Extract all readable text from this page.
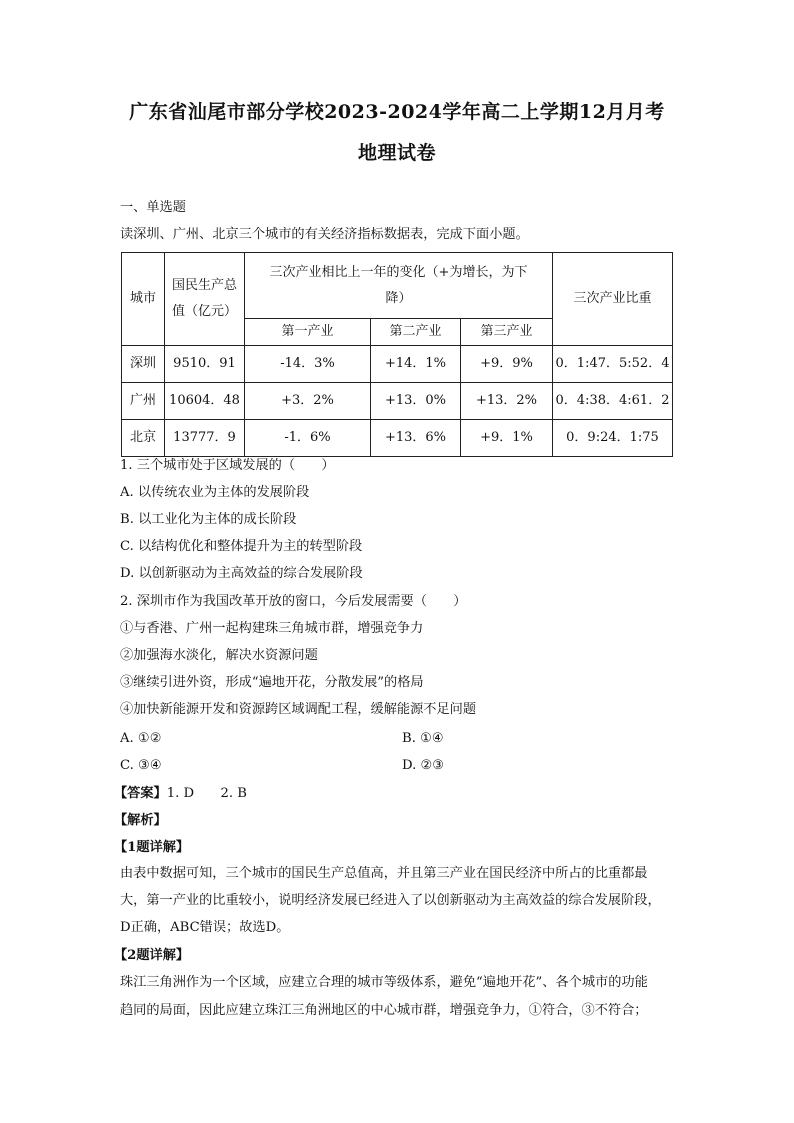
广东省汕尾市部分学校2023-2024学年高二上学期12月月考
地理试卷
一、单选题
读深圳、广州、北京三个城市的有关经济指标数据表，完成下面小题。
城市	国民生产总值（亿元）	三次产业相比上一年的变化（+为增长，为下降）			三次产业比重
		第一产业	第二产业	第三产业	
深圳	9510．91	-14．3%	+14．1%	+9．9%	0．1:47．5:52．4
广州	10604．48	+3．2%	+13．0%	+13．2%	0．4:38．4:61．2
北京	13777．9	-1．6%	+13．6%	+9．1%	0．9:24．1:75
1. 三个城市处于区域发展的（　　）
A. 以传统农业为主体的发展阶段
B. 以工业化为主体的成长阶段
C. 以结构优化和整体提升为主的转型阶段
D. 以创新驱动为主高效益的综合发展阶段
2. 深圳市作为我国改革开放的窗口，今后发展需要（　　）
①与香港、广州一起构建珠三角城市群，增强竞争力
②加强海水淡化，解决水资源问题
③继续引进外资，形成“遍地开花，分散发展”的格局
④加快新能源开发和资源跨区域调配工程，缓解能源不足问题
A. ①②	B. ①④
C. ③④	D. ②③
【答案】1. D　　2. B
【解析】
【1题详解】
由表中数据可知，三个城市的国民生产总值高，并且第三产业在国民经济中所占的比重都最
大，第一产业的比重较小，说明经济发展已经进入了以创新驱动为主高效益的综合发展阶段，
D正确，ABC错误；故选D。
【2题详解】
珠江三角洲作为一个区域，应建立合理的城市等级体系，避免“遍地开花”、各个城市的功能
趋同的局面，因此应建立珠江三角洲地区的中心城市群，增强竞争力，①符合，③不符合；
